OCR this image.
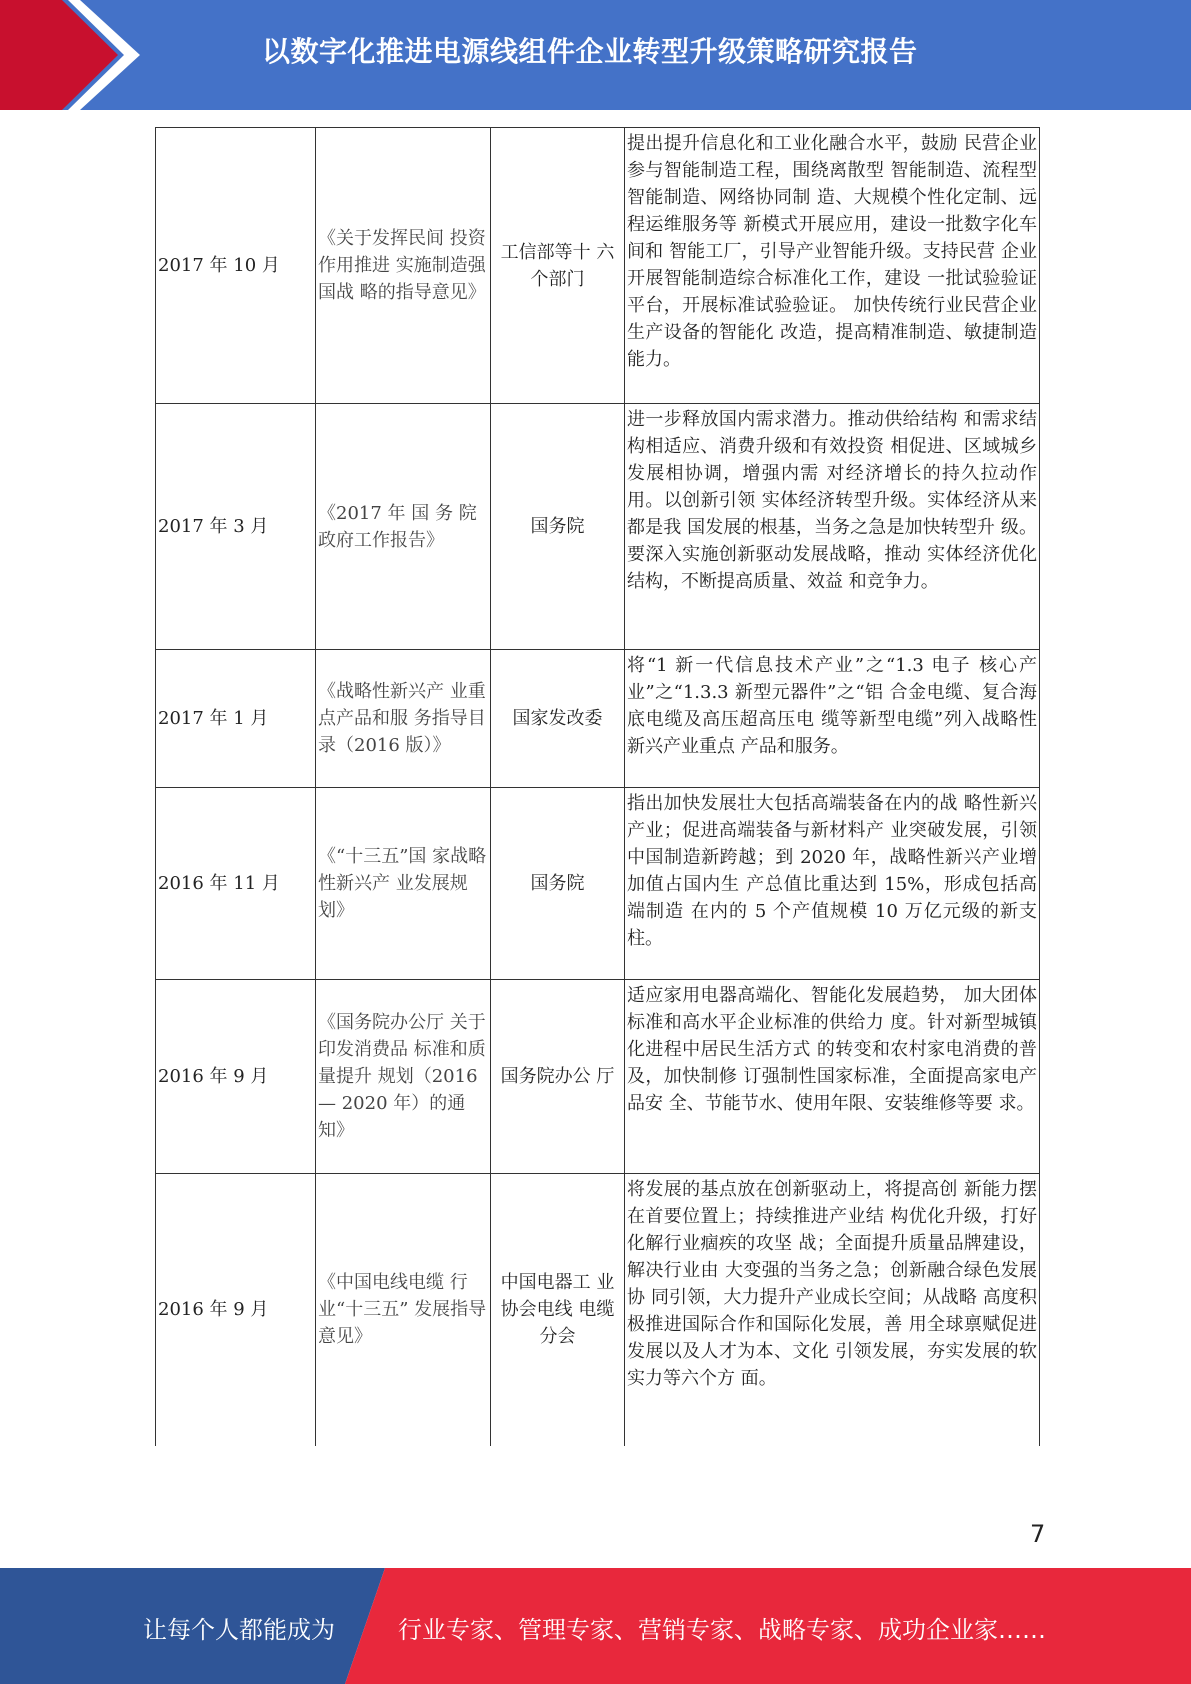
以数字化推进电源线组件企业转型升级策略研究报告
2017 年 10 月	《关于发挥民间 投资作用推进 实施制造强国战 略的指导意见》	工信部等十 六个部门	提出提升信息化和工业化融合水平，鼓励 民营企业参与智能制造工程，围绕离散型 智能制造、流程型智能制造、网络协同制 造、大规模个性化定制、远程运维服务等 新模式开展应用，建设一批数字化车间和 智能工厂，引导产业智能升级。支持民营 企业开展智能制造综合标准化工作，建设 一批试验验证平台，开展标准试验验证。 加快传统行业民营企业生产设备的智能化 改造，提高精准制造、敏捷制造能力。
2017 年 3 月	《2017 年 国 务 院政府工作报告》	国务院	进一步释放国内需求潜力。推动供给结构 和需求结构相适应、消费升级和有效投资 相促进、区域城乡发展相协调，增强内需 对经济增长的持久拉动作用。以创新引领 实体经济转型升级。实体经济从来都是我 国发展的根基，当务之急是加快转型升 级。要深入实施创新驱动发展战略，推动 实体经济优化结构，不断提高质量、效益 和竞争力。
2017 年 1 月	《战略性新兴产 业重点产品和服 务指导目录（2016 版）》	国家发改委	将“1 新一代信息技术产业”之“1.3 电子 核心产业”之“1.3.3 新型元器件”之“铝 合金电缆、复合海底电缆及高压超高压电 缆等新型电缆”列入战略性新兴产业重点 产品和服务。
2016 年 11 月	《“十三五”国 家战略性新兴产 业发展规划》	国务院	指出加快发展壮大包括高端装备在内的战 略性新兴产业；促进高端装备与新材料产 业突破发展，引领中国制造新跨越；到 2020 年，战略性新兴产业增加值占国内生 产总值比重达到 15%，形成包括高端制造 在内的 5 个产值规模 10 万亿元级的新支 柱。
2016 年 9 月	《国务院办公厅 关于印发消费品 标准和质量提升 规划（2016— 2020 年）的通 知》	国务院办公 厅	适应家用电器高端化、智能化发展趋势， 加大团体标准和高水平企业标准的供给力 度。针对新型城镇化进程中居民生活方式 的转变和农村家电消费的普及，加快制修 订强制性国家标准，全面提高家电产品安 全、节能节水、使用年限、安装维修等要 求。
2016 年 9 月	《中国电线电缆 行业“十三五” 发展指导意见》	中国电器工 业协会电线 电缆分会	将发展的基点放在创新驱动上，将提高创 新能力摆在首要位置上；持续推进产业结 构优化升级，打好化解行业痼疾的攻坚 战；全面提升质量品牌建设，解决行业由 大变强的当务之急；创新融合绿色发展协 同引领，大力提升产业成长空间；从战略 高度积极推进国际合作和国际化发展，善 用全球禀赋促进发展以及人才为本、文化 引领发展，夯实发展的软实力等六个方 面。
7
让每个人都能成为	行业专家、管理专家、营销专家、战略专家、成功企业家……
